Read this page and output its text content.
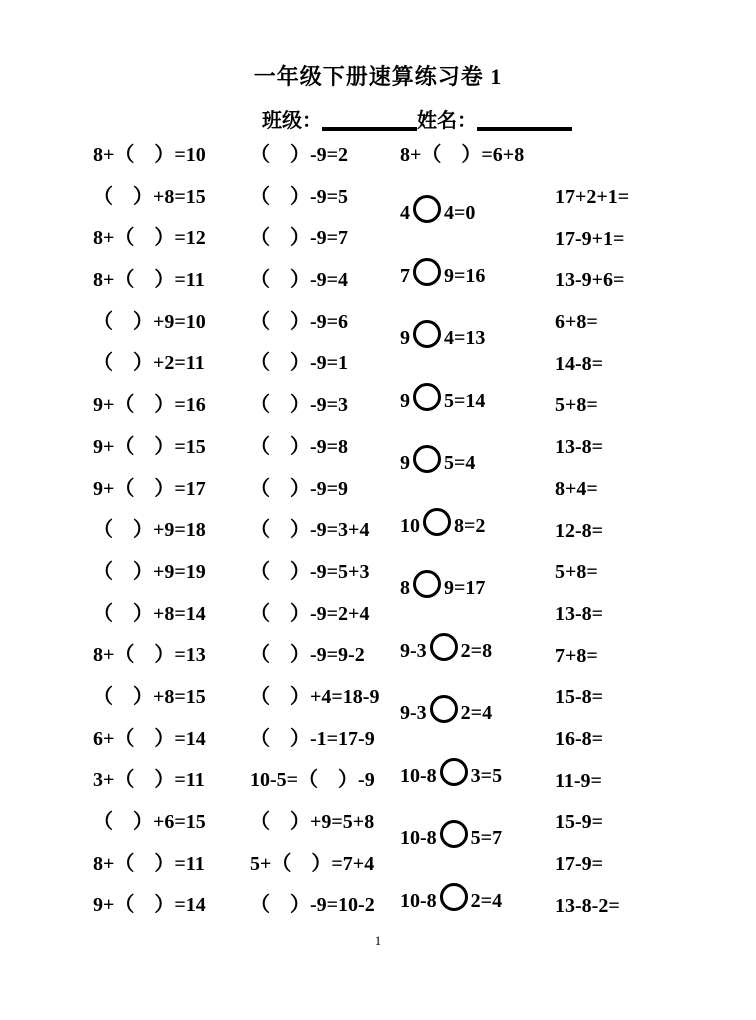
一年级下册速算练习卷 1
班级：	姓名：
8+（　）=10
（　）+8=15
8+（　）=12
8+（　）=11
（　）+9=10
（　）+2=11
9+（　）=16
9+（　）=15
9+（　）=17
（　）+9=18
（　）+9=19
（　）+8=14
8+（　）=13
（　）+8=15
6+（　）=14
3+（　）=11
（　）+6=15
8+（　）=11
9+（　）=14
（　）-9=2
（　）-9=5
（　）-9=7
（　）-9=4
（　）-9=6
（　）-9=1
（　）-9=3
（　）-9=8
（　）-9=9
（　）-9=3+4
（　）-9=5+3
（　）-9=2+4
（　）-9=9-2
（　）+4=18-9
（　）-1=17-9
10-5=（　）-9
（　）+9=5+8
5+（　）=7+4
（　）-9=10-2
8+（　）=6+8
4 4=0
7 9=16
9 4=13
9 5=14
9 5=4
10 8=2
8 9=17
9-3 2=8
9-3 2=4
10-8 3=5
10-8 5=7
10-8 2=4
17+2+1=
17-9+1=
13-9+6=
6+8=
14-8=
5+8=
13-8=
8+4=
12-8=
5+8=
13-8=
7+8=
15-8=
16-8=
11-9=
15-9=
17-9=
13-8-2=
1
